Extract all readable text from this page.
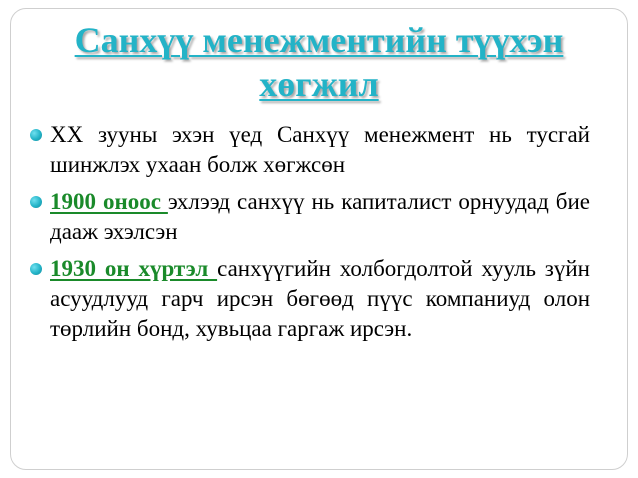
Санхүү менежментийн түүхэн
хөгжил
XX зууны эхэн үед Санхүү менежмент нь тусгай шинжлэх ухаан болж хөгжсөн
1900 оноос эхлээд санхүү нь капиталист орнуудад бие дааж эхэлсэн
1930 он хүртэл санхүүгийн холбогдолтой хууль зүйн асуудлууд гарч ирсэн бөгөөд пүүс компаниуд олон төрлийн бонд, хувьцаа гаргаж ирсэн.
